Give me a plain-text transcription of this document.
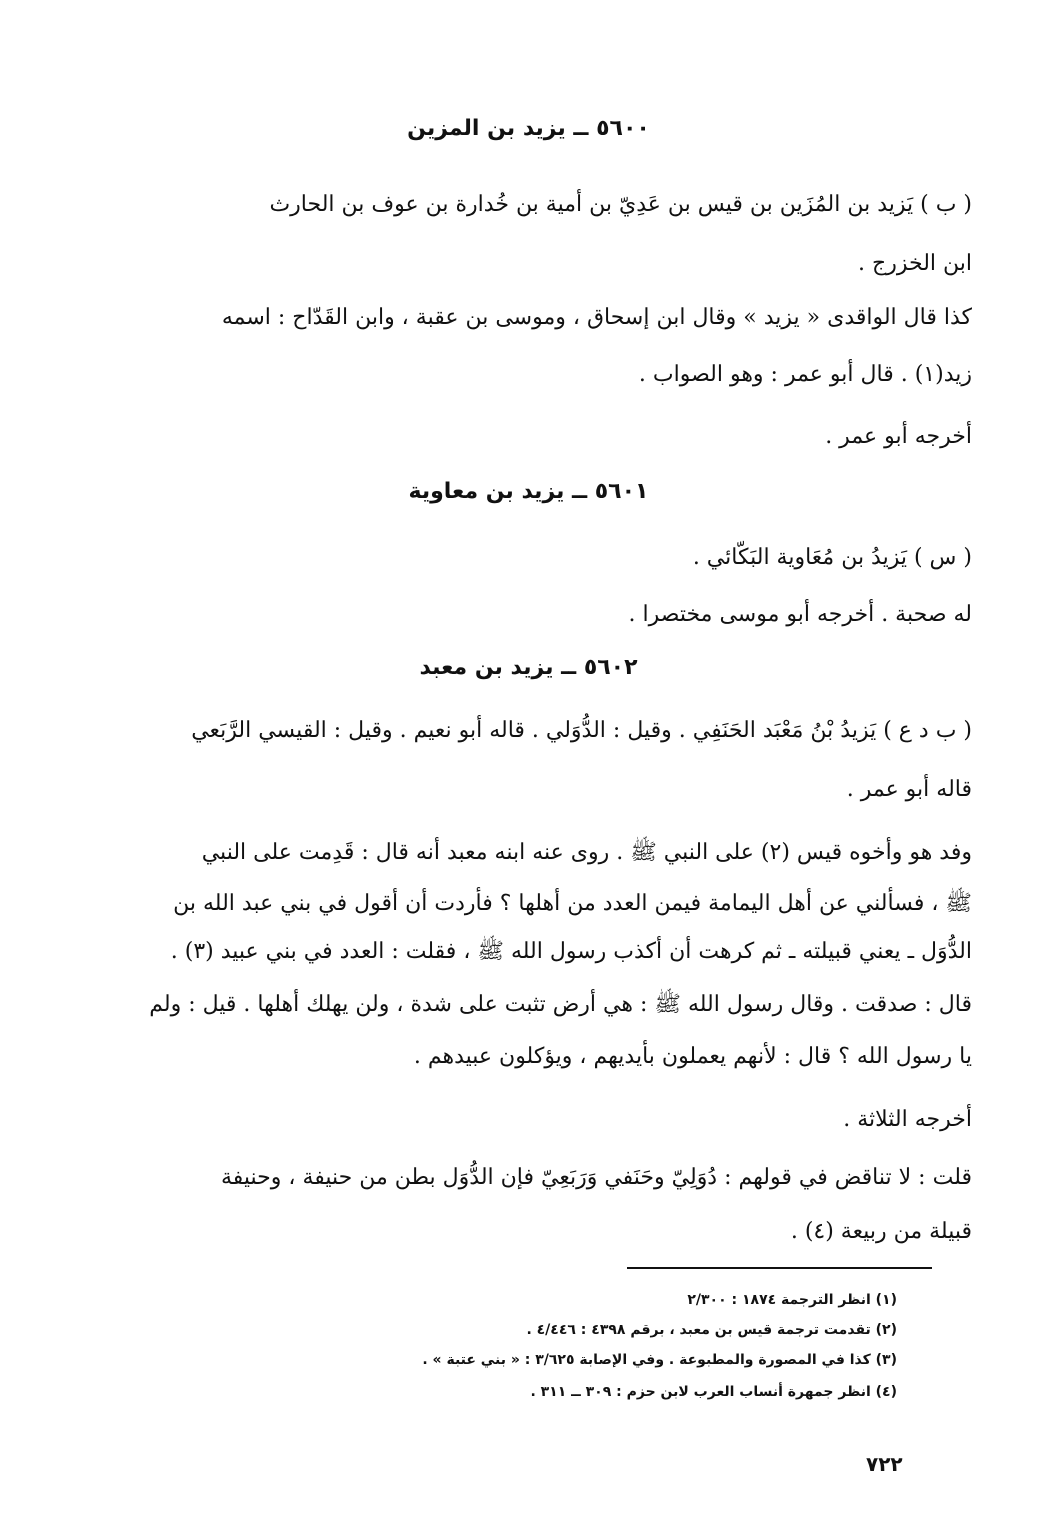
٥٦٠٠ ــ يزيد بن المزين
( ب ) يَزيد بن المُزَين بن قيس بن عَدِيّ بن أمية بن خُدارة بن عوف بن الحارث
ابن الخزرج .
كذا قال الواقدى « يزيد » وقال ابن إسحاق ، وموسى بن عقبة ، وابن القَدّاح : اسمه
زيد(١) . قال أبو عمر : وهو الصواب .
أخرجه أبو عمر .
٥٦٠١ ــ يزيد بن معاوية
( س ) يَزيدُ بن مُعَاوية البَكّائي .
له صحبة . أخرجه أبو موسى مختصرا .
٥٦٠٢ ــ يزيد بن معبد
( ب د ع ) يَزيدُ بْنُ مَعْبَد الحَنَفِي . وقيل : الدُّوَلي . قاله أبو نعيم . وقيل : القيسي الرَّبَعي
قاله أبو عمر .
وفد هو وأخوه قيس (٢) على النبي ﷺ . روى عنه ابنه معبد أنه قال : قَدِمت على النبي
ﷺ ، فسألني عن أهل اليمامة فيمن العدد من أهلها ؟ فأردت أن أقول في بني عبد الله بن
الدُّوَل ـ يعني قبيلته ـ ثم كرهت أن أكذب رسول الله ﷺ ، فقلت : العدد في بني عبيد (٣) .
قال : صدقت . وقال رسول الله ﷺ : هي أرض تثبت على شدة ، ولن يهلك أهلها . قيل : ولم
يا رسول الله ؟ قال : لأنهم يعملون بأيديهم ، ويؤكلون عبيدهم .
أخرجه الثلاثة .
قلت : لا تناقض في قولهم : دُوَلِيّ وحَنَفي وَرَبَعِيّ فإن الدُّوَل بطن من حنيفة ، وحنيفة
قبيلة من ربيعة (٤) .
(١) انظر الترجمة ١٨٧٤ : ٢/٣٠٠
(٢) تقدمت ترجمة قيس بن معبد ، برقم ٤٣٩٨ : ٤/٤٤٦ .
(٣) كذا في المصورة والمطبوعة . وفي الإصابة ٣/٦٢٥ : « بني عتبة » .
(٤) انظر جمهرة أنساب العرب لابن حزم : ٣٠٩ ــ ٣١١ .
٧٢٢
